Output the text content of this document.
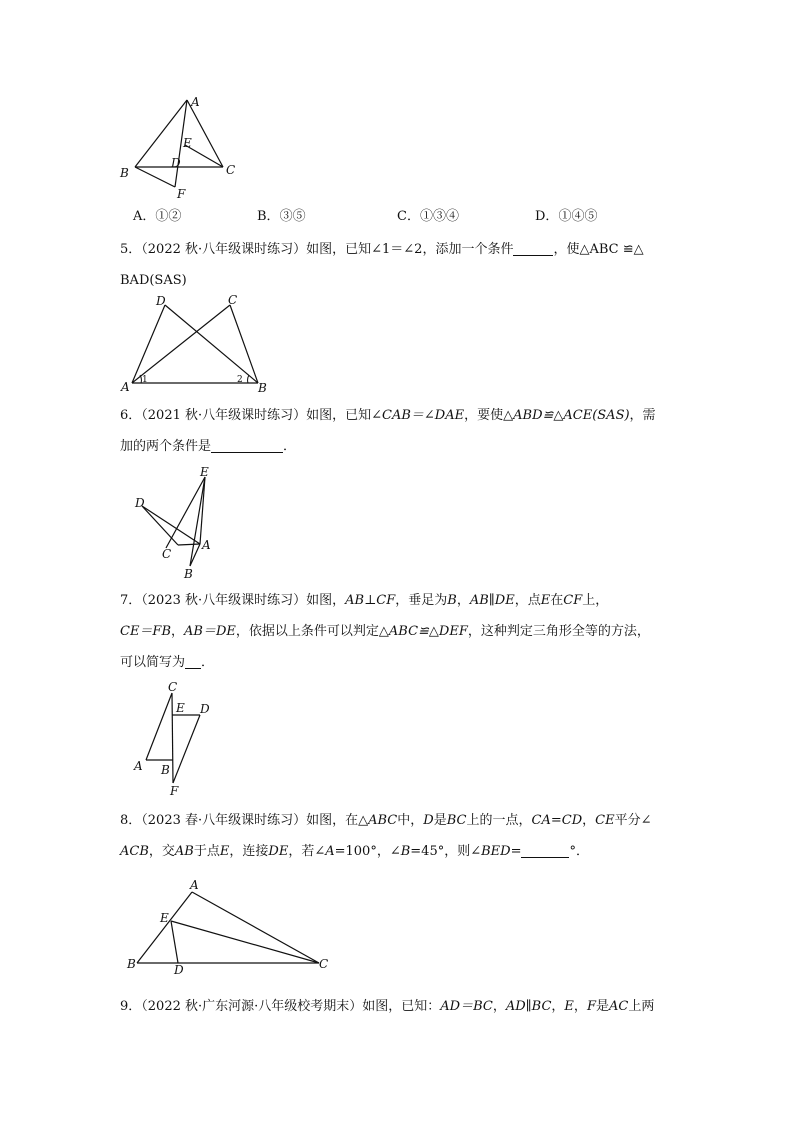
A
B	C
D
E
F
A．①②	B．③⑤	C．①③④	D．①④⑤
5．（2022 秋·八年级课时练习）如图，已知∠1＝∠2，添加一个条件	，使△ABC ≌△
BAD(SAS)
D	C
A	B
1	2
6．（2021 秋·八年级课时练习）如图，已知∠CAB＝∠DAE，要使△ABD≌△ACE(SAS)，需
加的两个条件是	．
E
D
C
A
B
7．（2023 秋·八年级课时练习）如图，AB⊥CF，垂足为B，AB∥DE，点E在CF上，
CE＝FB，AB＝DE，依据以上条件可以判定△ABC≌△DEF，这种判定三角形全等的方法，
可以简写为 ．
C
E D
A B
F
8．（2023 春·八年级课时练习）如图，在△ABC中，D是BC上的一点，CA=CD，CE平分∠
ACB，交AB于点E，连接DE，若∠A=100°，∠B=45°，则∠BED=	°．
A
E
B	D	C
9．（2022 秋·广东河源·八年级校考期末）如图，已知：AD＝BC，AD∥BC，E，F是AC上两
